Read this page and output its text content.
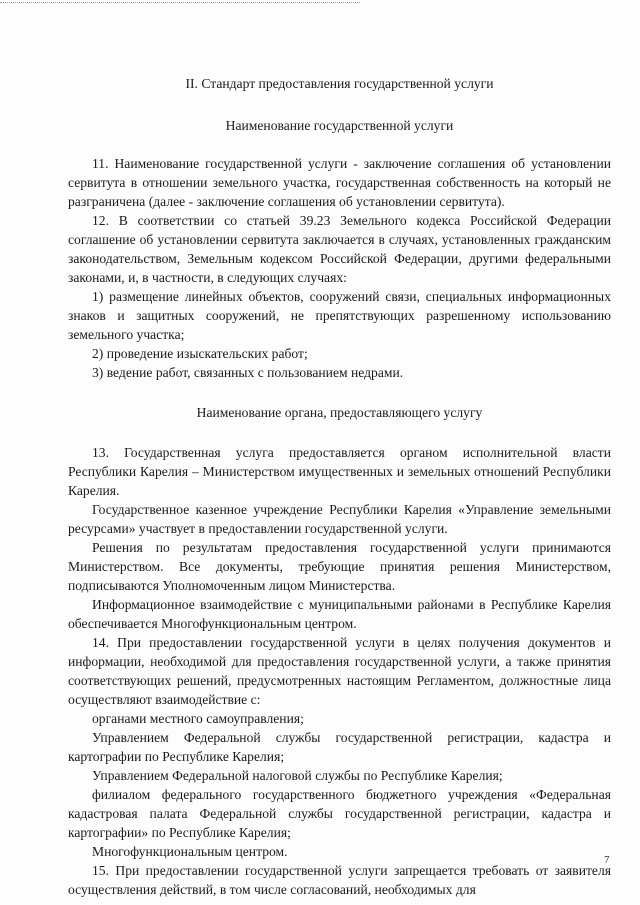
II. Стандарт предоставления государственной услуги

Наименование государственной услуги

11. Наименование государственной услуги - заключение соглашения об установлении сервитута в отношении земельного участка, государственная собственность на который не разграничена (далее - заключение соглашения об установлении сервитута).

12. В соответствии со статьей 39.23 Земельного кодекса Российской Федерации соглашение об установлении сервитута заключается в случаях, установленных гражданским законодательством, Земельным кодексом Российской Федерации, другими федеральными законами, и, в частности, в следующих случаях:

1) размещение линейных объектов, сооружений связи, специальных информационных знаков и защитных сооружений, не препятствующих разрешенному использованию земельного участка;

2) проведение изыскательских работ;

3) ведение работ, связанных с пользованием недрами.

Наименование органа, предоставляющего услугу

13. Государственная услуга предоставляется органом исполнительной власти Республики Карелия – Министерством имущественных и земельных отношений Республики Карелия.

Государственное казенное учреждение Республики Карелия «Управление земельными ресурсами» участвует в предоставлении государственной услуги.

Решения по результатам предоставления государственной услуги принимаются Министерством. Все документы, требующие принятия решения Министерством, подписываются Уполномоченным лицом Министерства.

Информационное взаимодействие с муниципальными районами в Республике Карелия обеспечивается Многофункциональным центром.

14. При предоставлении государственной услуги в целях получения документов и информации, необходимой для предоставления государственной услуги, а также принятия соответствующих решений, предусмотренных настоящим Регламентом, должностные лица осуществляют взаимодействие с:

органами местного самоуправления;

Управлением Федеральной службы государственной регистрации, кадастра и картографии по Республике Карелия;

Управлением Федеральной налоговой службы по Республике Карелия;

филиалом федерального государственного бюджетного учреждения «Федеральная кадастровая палата Федеральной службы государственной регистрации, кадастра и картографии» по Республике Карелия;

Многофункциональным центром.

15. При предоставлении государственной услуги запрещается требовать от заявителя осуществления действий, в том числе согласований, необходимых для

7
